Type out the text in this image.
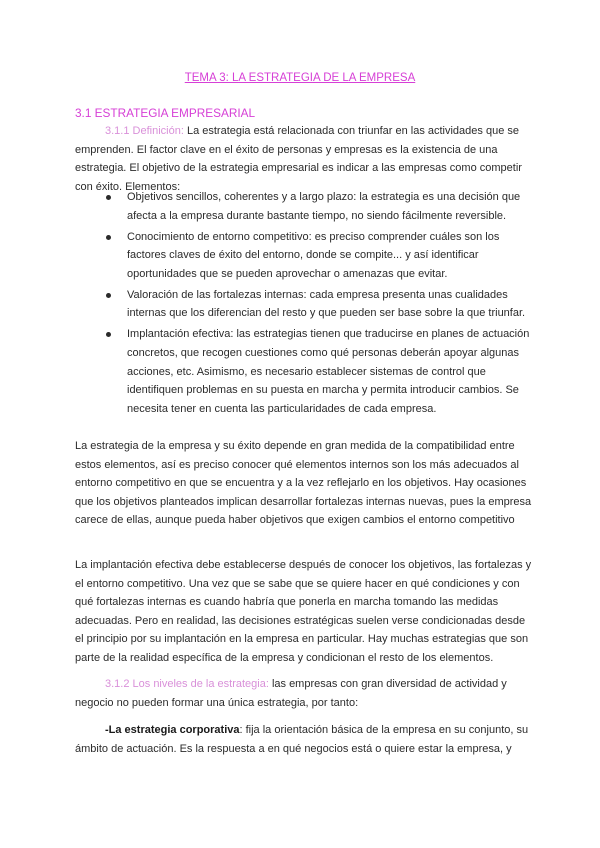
TEMA 3: LA ESTRATEGIA DE LA EMPRESA
3.1 ESTRATEGIA EMPRESARIAL

3.1.1 Definición: La estrategia está relacionada con triunfar en las actividades que se emprenden. El factor clave en el éxito de personas y empresas es la existencia de una estrategia. El objetivo de la estrategia empresarial es indicar a las empresas como competir con éxito. Elementos:

Objetivos sencillos, coherentes y a largo plazo: la estrategia es una decisión que afecta a la empresa durante bastante tiempo, no siendo fácilmente reversible.
Conocimiento de entorno competitivo: es preciso comprender cuáles son los factores claves de éxito del entorno, donde se compite... y así identificar oportunidades que se pueden aprovechar o amenazas que evitar.
Valoración de las fortalezas internas: cada empresa presenta unas cualidades internas que los diferencian del resto y que pueden ser base sobre la que triunfar.
Implantación efectiva: las estrategias tienen que traducirse en planes de actuación concretos, que recogen cuestiones como qué personas deberán apoyar algunas acciones, etc. Asimismo, es necesario establecer sistemas de control que identifiquen problemas en su puesta en marcha y permita introducir cambios. Se necesita tener en cuenta las particularidades de cada empresa.

La estrategia de la empresa y su éxito depende en gran medida de la compatibilidad entre estos elementos, así es preciso conocer qué elementos internos son los más adecuados al entorno competitivo en que se encuentra y a la vez reflejarlo en los objetivos. Hay ocasiones que los objetivos planteados implican desarrollar fortalezas internas nuevas, pues la empresa carece de ellas, aunque pueda haber objetivos que exigen cambios el entorno competitivo

La implantación efectiva debe establecerse después de conocer los objetivos, las fortalezas y el entorno competitivo. Una vez que se sabe que se quiere hacer en qué condiciones y con qué fortalezas internas es cuando habría que ponerla en marcha tomando las medidas adecuadas. Pero en realidad, las decisiones estratégicas suelen verse condicionadas desde el principio por su implantación en la empresa en particular. Hay muchas estrategias que son parte de la realidad específica de la empresa y condicionan el resto de los elementos.

3.1.2 Los niveles de la estrategia: las empresas con gran diversidad de actividad y negocio no pueden formar una única estrategia, por tanto:

-La estrategia corporativa: fija la orientación básica de la empresa en su conjunto, su ámbito de actuación. Es la respuesta a en qué negocios está o quiere estar la empresa, y
